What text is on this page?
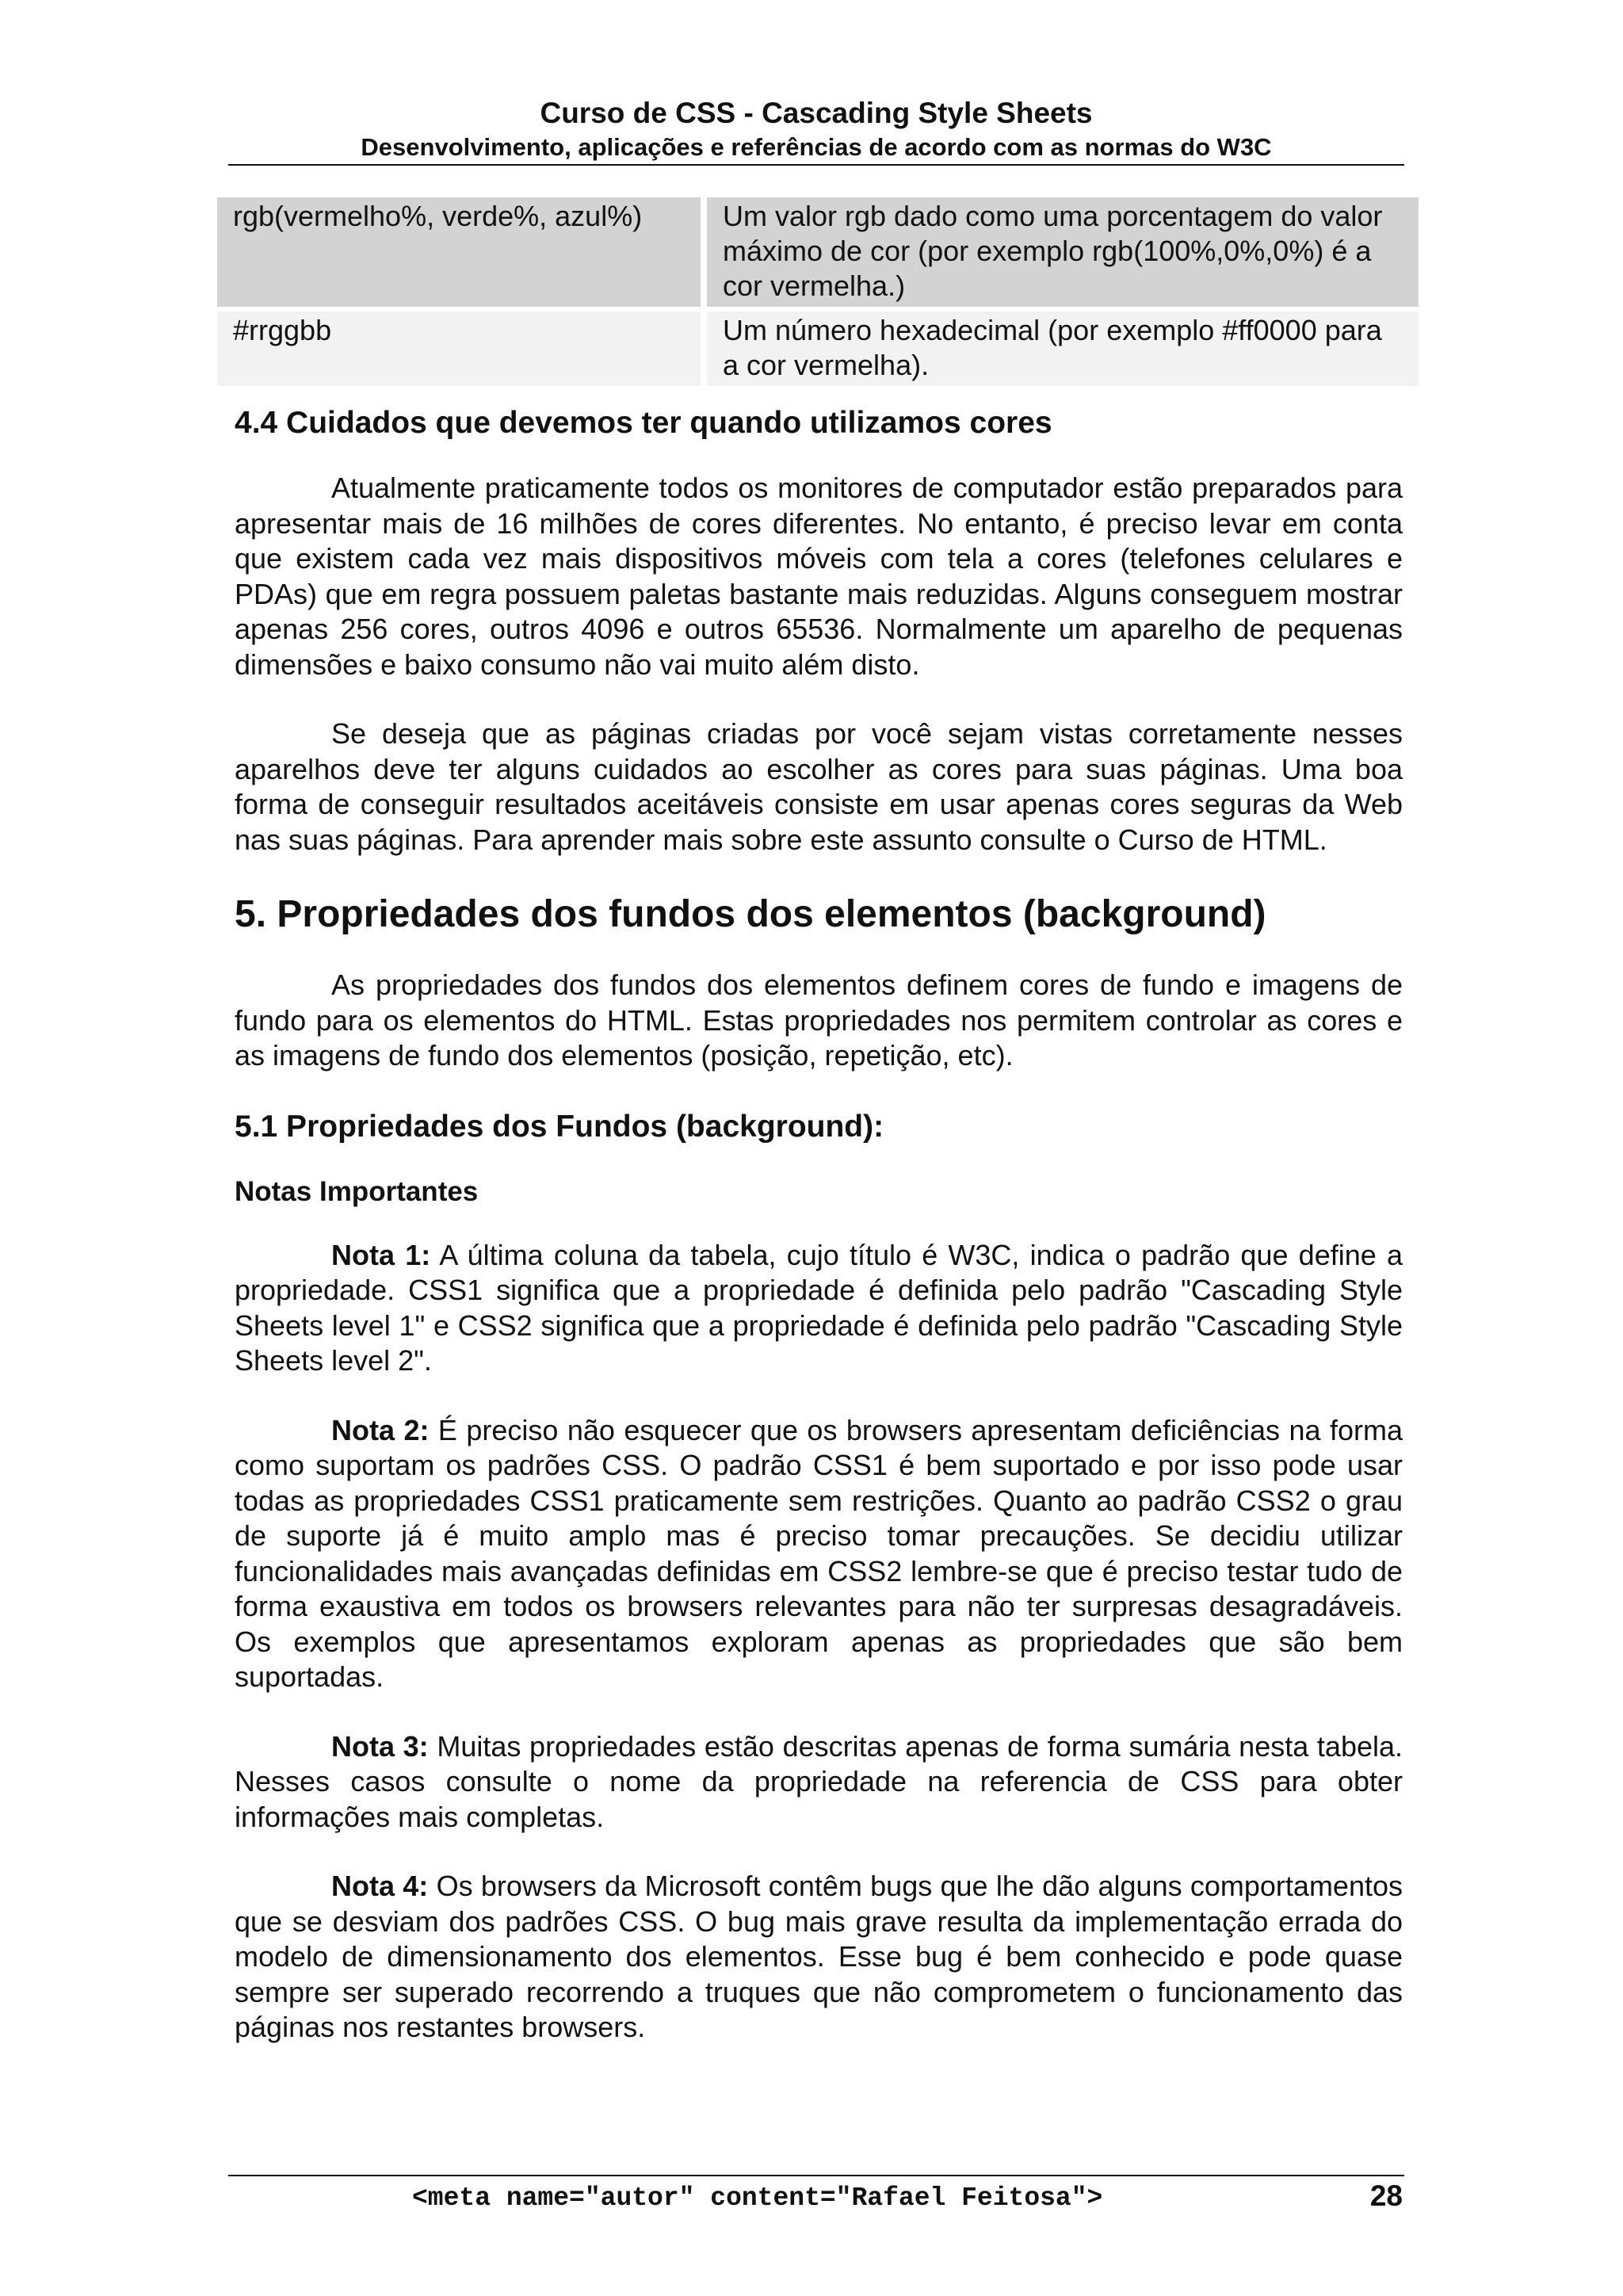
Curso de CSS - Cascading Style Sheets
Desenvolvimento, aplicações e referências de acordo com as normas do W3C
rgb(vermelho%, verde%, azul%)	Um valor rgb dado como uma porcentagem do valor máximo de cor (por exemplo rgb(100%,0%,0%) é a cor vermelha.)
#rrggbb	Um número hexadecimal (por exemplo #ff0000 para a cor vermelha).
4.4 Cuidados que devemos ter quando utilizamos cores

Atualmente praticamente todos os monitores de computador estão preparados para apresentar mais de 16 milhões de cores diferentes. No entanto, é preciso levar em conta que existem cada vez mais dispositivos móveis com tela a cores (telefones celulares e PDAs) que em regra possuem paletas bastante mais reduzidas. Alguns conseguem mostrar apenas 256 cores, outros 4096 e outros 65536. Normalmente um aparelho de pequenas dimensões e baixo consumo não vai muito além disto.

Se deseja que as páginas criadas por você sejam vistas corretamente nesses aparelhos deve ter alguns cuidados ao escolher as cores para suas páginas. Uma boa forma de conseguir resultados aceitáveis consiste em usar apenas cores seguras da Web nas suas páginas. Para aprender mais sobre este assunto consulte o Curso de HTML.

5. Propriedades dos fundos dos elementos (background)

As propriedades dos fundos dos elementos definem cores de fundo e imagens de fundo para os elementos do HTML. Estas propriedades nos permitem controlar as cores e as imagens de fundo dos elementos (posição, repetição, etc).

5.1 Propriedades dos Fundos (background):
Notas Importantes

Nota 1: A última coluna da tabela, cujo título é W3C, indica o padrão que define a propriedade. CSS1 significa que a propriedade é definida pelo padrão "Cascading Style Sheets level 1" e CSS2 significa que a propriedade é definida pelo padrão "Cascading Style Sheets level 2".

Nota 2: É preciso não esquecer que os browsers apresentam deficiências na forma como suportam os padrões CSS. O padrão CSS1 é bem suportado e por isso pode usar todas as propriedades CSS1 praticamente sem restrições. Quanto ao padrão CSS2 o grau de suporte já é muito amplo mas é preciso tomar precauções. Se decidiu utilizar funcionalidades mais avançadas definidas em CSS2 lembre-se que é preciso testar tudo de forma exaustiva em todos os browsers relevantes para não ter surpresas desagradáveis. Os exemplos que apresentamos exploram apenas as propriedades que são bem suportadas.

Nota 3: Muitas propriedades estão descritas apenas de forma sumária nesta tabela. Nesses casos consulte o nome da propriedade na referencia de CSS para obter informações mais completas.

Nota 4: Os browsers da Microsoft contêm bugs que lhe dão alguns comportamentos que se desviam dos padrões CSS. O bug mais grave resulta da implementação errada do modelo de dimensionamento dos elementos. Esse bug é bem conhecido e pode quase sempre ser superado recorrendo a truques que não comprometem o funcionamento das páginas nos restantes browsers.

<meta name="autor" content="Rafael Feitosa">	28
